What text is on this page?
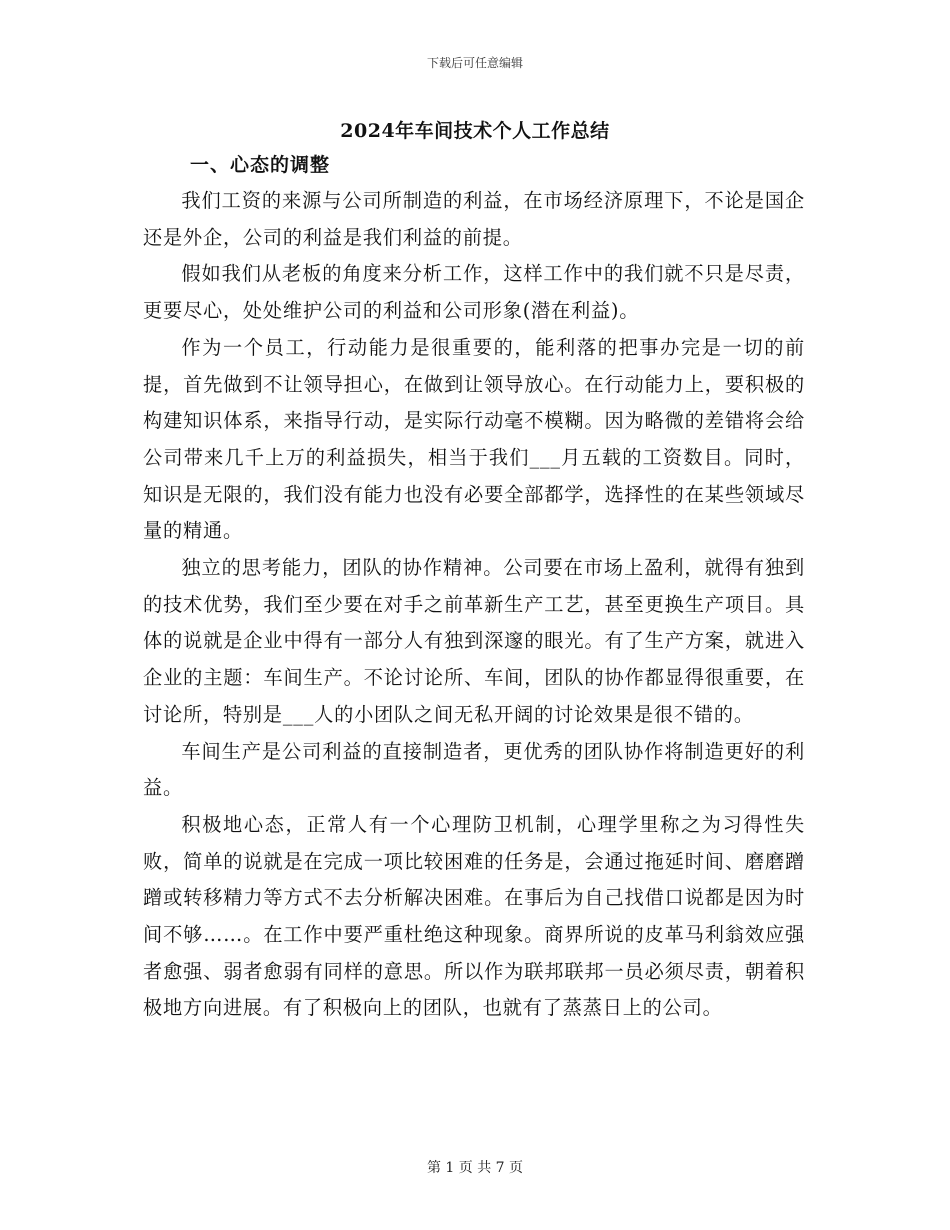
下载后可任意编辑
2024年车间技术个人工作总结
一、心态的调整

我们工资的来源与公司所制造的利益，在市场经济原理下，不论是国企还是外企，公司的利益是我们利益的前提。

假如我们从老板的角度来分析工作，这样工作中的我们就不只是尽责，更要尽心，处处维护公司的利益和公司形象(潜在利益)。

作为一个员工，行动能力是很重要的，能利落的把事办完是一切的前提，首先做到不让领导担心，在做到让领导放心。在行动能力上，要积极的构建知识体系，来指导行动，是实际行动毫不模糊。因为略微的差错将会给公司带来几千上万的利益损失，相当于我们___月五载的工资数目。同时，知识是无限的，我们没有能力也没有必要全部都学，选择性的在某些领域尽量的精通。

独立的思考能力，团队的协作精神。公司要在市场上盈利，就得有独到的技术优势，我们至少要在对手之前革新生产工艺，甚至更换生产项目。具体的说就是企业中得有一部分人有独到深邃的眼光。有了生产方案，就进入企业的主题：车间生产。不论讨论所、车间，团队的协作都显得很重要，在讨论所，特别是___人的小团队之间无私开阔的讨论效果是很不错的。

车间生产是公司利益的直接制造者，更优秀的团队协作将制造更好的利益。

积极地心态，正常人有一个心理防卫机制，心理学里称之为习得性失败，简单的说就是在完成一项比较困难的任务是，会通过拖延时间、磨磨蹭蹭或转移精力等方式不去分析解决困难。在事后为自己找借口说都是因为时间不够……。在工作中要严重杜绝这种现象。商界所说的皮革马利翁效应强者愈强、弱者愈弱有同样的意思。所以作为联邦联邦一员必须尽责，朝着积极地方向进展。有了积极向上的团队，也就有了蒸蒸日上的公司。

第 1 页 共 7 页
